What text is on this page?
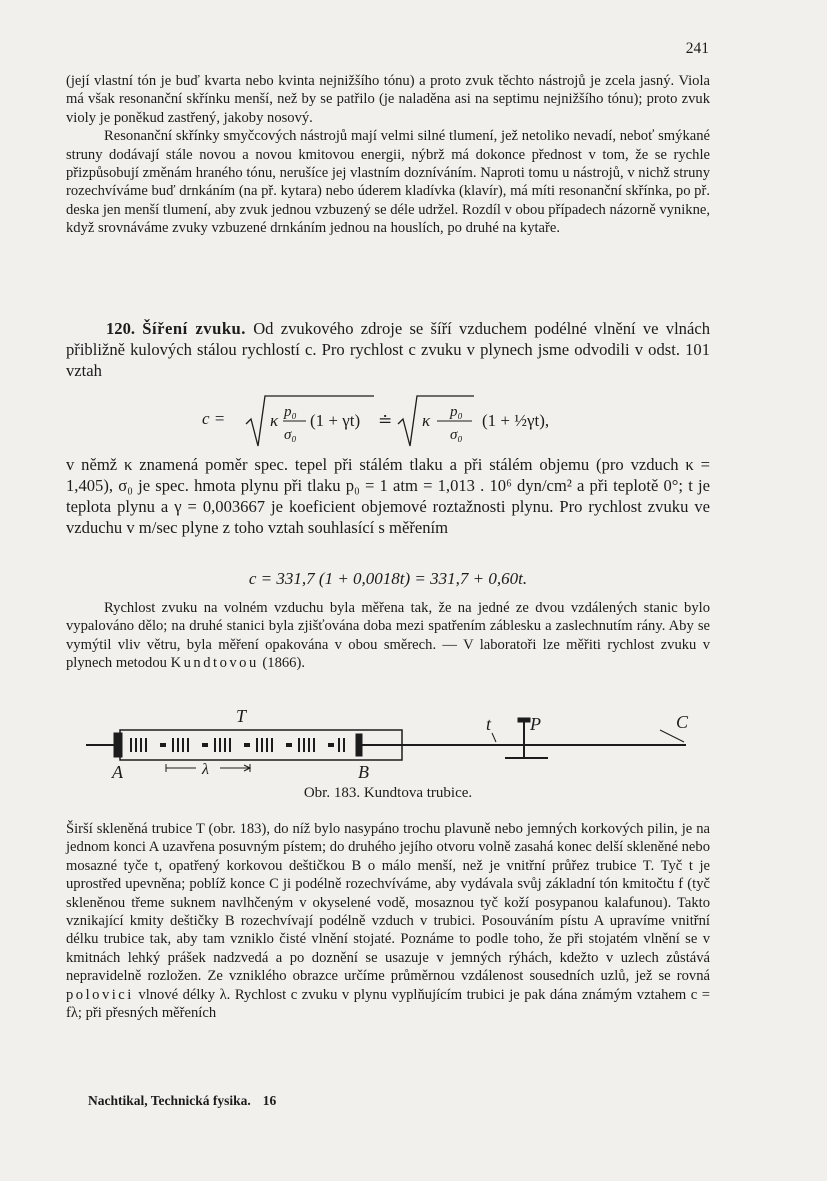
241

(její vlastní tón je buď kvarta nebo kvinta nejnižšího tónu) a proto zvuk těchto nástrojů je zcela jasný. Viola má však resonanční skřínku menší, než by se patřilo (je naladěna asi na septimu nejnižšího tónu); proto zvuk violy je poněkud zastřený, jakoby nosový.

Resonanční skřínky smyčcových nástrojů mají velmi silné tlumení, jež netoliko nevadí, neboť smýkané struny dodávají stále novou a novou kmitovou energii, nýbrž má dokonce přednost v tom, že se rychle přizpůsobují změnám hraného tónu, nerušíce jej vlastním dozníváním. Naproti tomu u nástrojů, v nichž struny rozechvíváme buď drnkáním (na př. kytara) nebo úderem kladívka (klavír), má míti resonanční skřínka, po př. deska jen menší tlumení, aby zvuk jednou vzbuzený se déle udržel. Rozdíl v obou případech názorně vynikne, když srovnáváme zvuky vzbuzené drnkáním jednou na houslích, po druhé na kytaře.

120. Šíření zvuku. Od zvukového zdroje se šíří vzduchem podélné vlnění ve vlnách přibližně kulových stálou rychlostí c. Pro rychlost c zvuku v plynech jsme odvodili v odst. 101 vztah

c =	κ p₀
σ₀
(1 + γt) ≐ κ p₀
σ₀
(1 + ½γt),

v němž κ znamená poměr spec. tepel při stálém tlaku a při stálém objemu (pro vzduch κ = 1,405), σ₀ je spec. hmota plynu při tlaku p₀ = 1 atm = 1,013 . 10⁶ dyn/cm² a při teplotě 0°; t je teplota plynu a γ = 0,003667 je koeficient objemové roztažnosti plynu. Pro rychlost zvuku ve vzduchu v m/sec plyne z toho vztah souhlasící s měřením

c = 331,7 (1 + 0,0018t) = 331,7 + 0,60t.

Rychlost zvuku na volném vzduchu byla měřena tak, že na jedné ze dvou vzdálených stanic bylo vypalováno dělo; na druhé stanici byla zjišťována doba mezi spatřením záblesku a zaslechnutím rány. Aby se vymýtil vliv větru, byla měření opakována v obou směrech. — V laboratoři lze měřiti rychlost zvuku v plynech metodou Kundtovou (1866).

T	t P	C
A	B
λ
Obr. 183. Kundtova trubice.

Širší skleněná trubice T (obr. 183), do níž bylo nasypáno trochu plavuně nebo jemných korkových pilin, je na jednom konci A uzavřena posuvným pístem; do druhého jejího otvoru volně zasahá konec delší skleněné nebo mosazné tyče t, opatřený korkovou deštičkou B o málo menší, než je vnitřní průřez trubice T. Tyč t je uprostřed upevněna; poblíž konce C ji podélně rozechvíváme, aby vydávala svůj základní tón kmitočtu f (tyč skleněnou třeme suknem navlhčeným v okyselené vodě, mosaznou tyč koží posypanou kalafunou). Takto vznikající kmity deštičky B rozechvívají podélně vzduch v trubici. Posouváním pístu A upravíme vnitřní délku trubice tak, aby tam vzniklo čisté vlnění stojaté. Poznáme to podle toho, že při stojatém vlnění se v kmitnách lehký prášek nadzvedá a po doznění se usazuje v jemných rýhách, kdežto v uzlech zůstává nepravidelně rozložen. Ze vzniklého obrazce určíme průměrnou vzdálenost sousedních uzlů, jež se rovná polovici vlnové délky λ. Rychlost c zvuku v plynu vyplňujícím trubici je pak dána známým vztahem c = fλ; při přesných měřeních

Nachtikal, Technická fysika. 16
